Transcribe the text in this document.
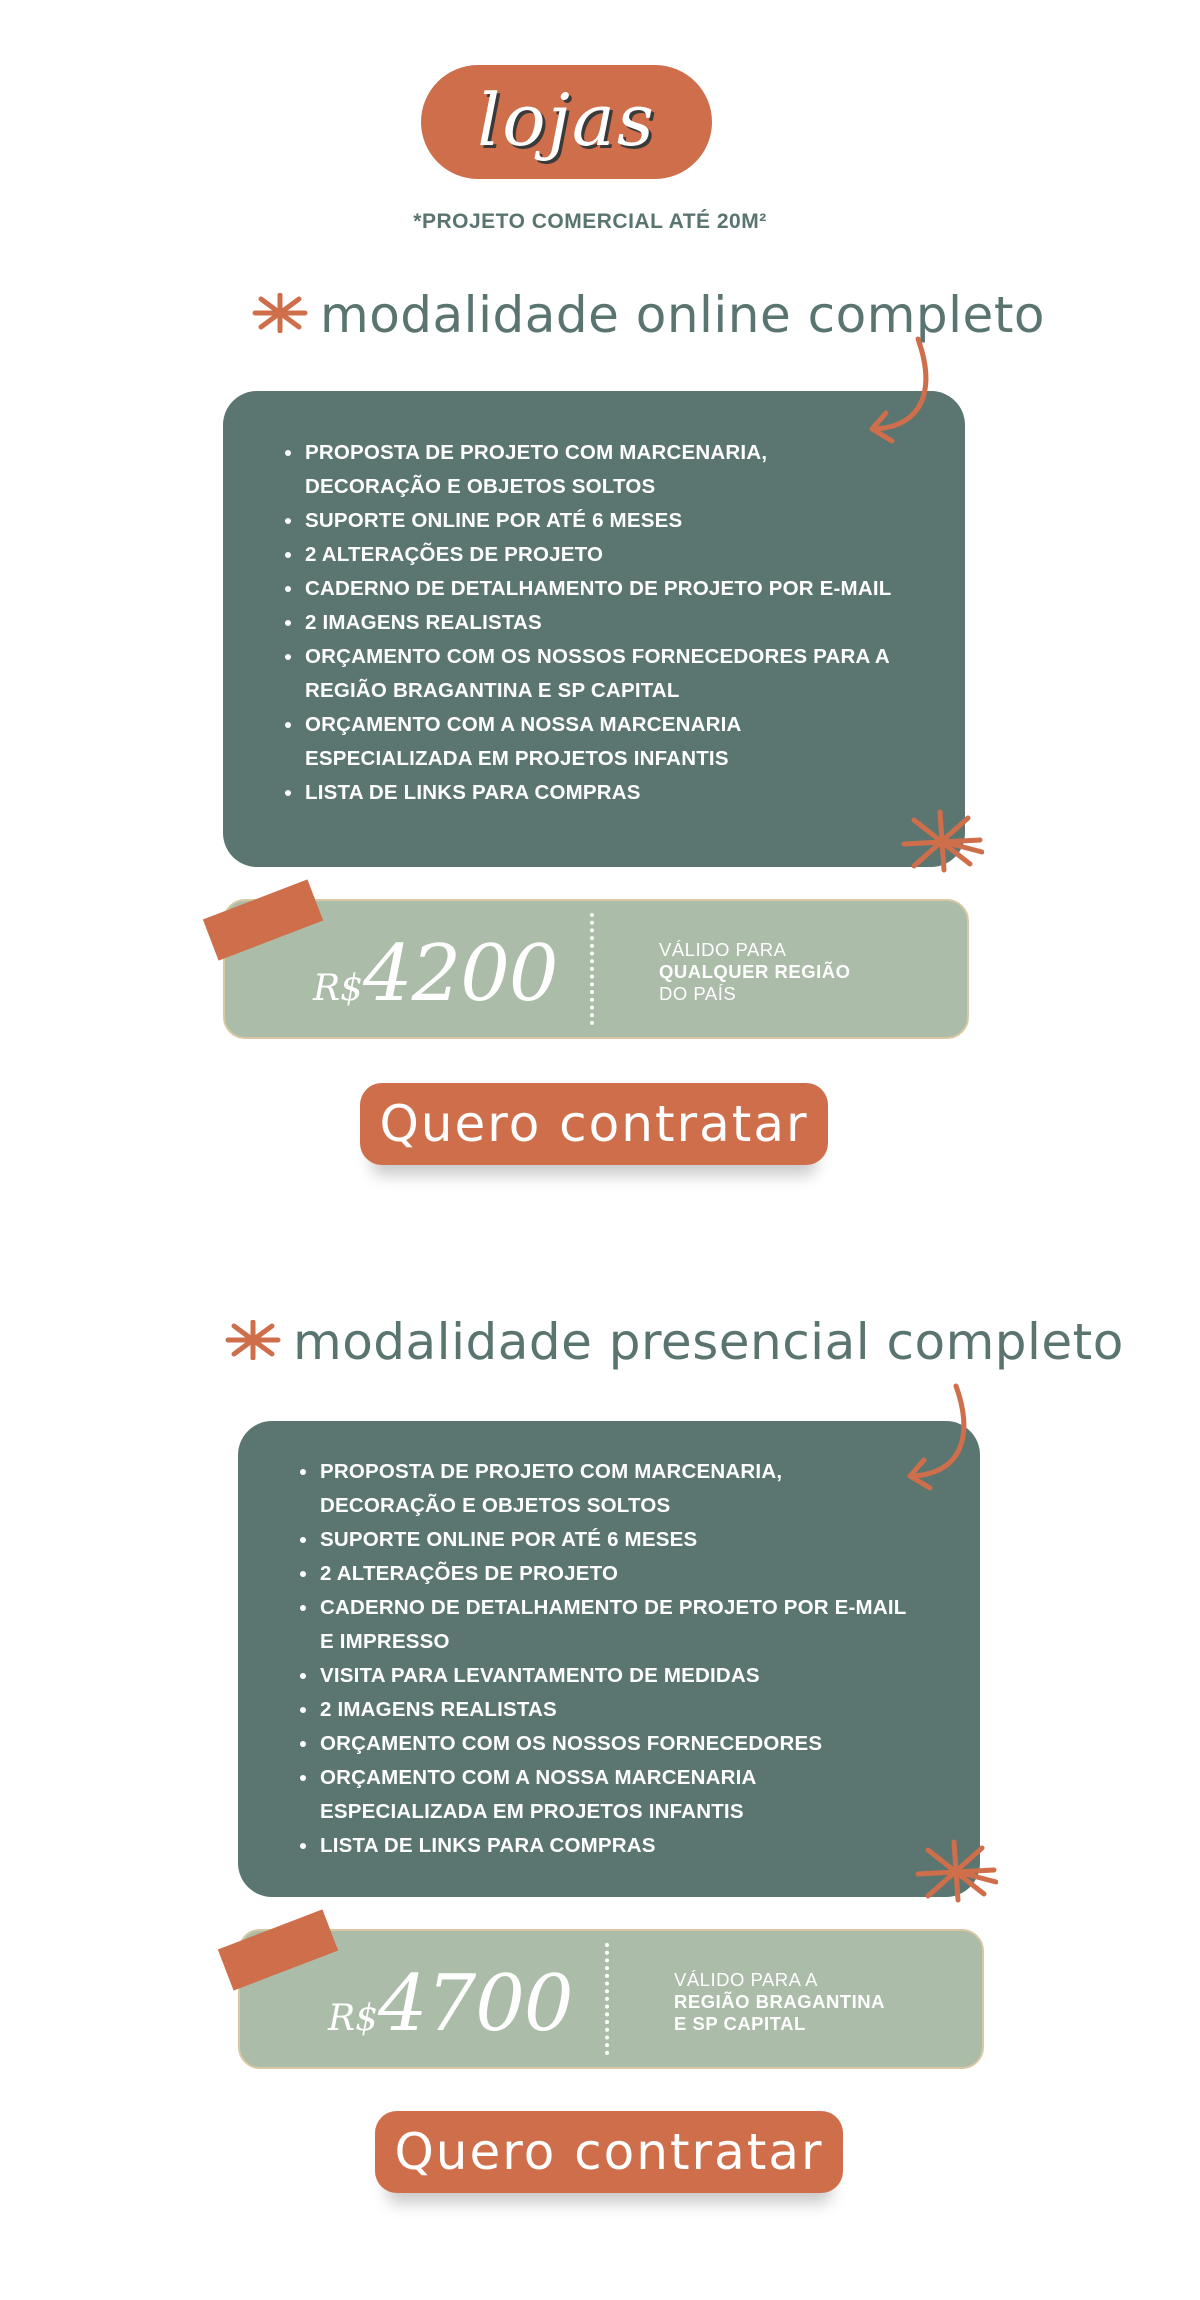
lojas
*PROJETO COMERCIAL ATÉ 20M²
modalidade online completo
PROPOSTA DE PROJETO COM MARCENARIA,
DECORAÇÃO E OBJETOS SOLTOS
SUPORTE ONLINE POR ATÉ 6 MESES
2 ALTERAÇÕES DE PROJETO
CADERNO DE DETALHAMENTO DE PROJETO POR E-MAIL
2 IMAGENS REALISTAS
ORÇAMENTO COM OS NOSSOS FORNECEDORES PARA A
REGIÃO BRAGANTINA E SP CAPITAL
ORÇAMENTO COM A NOSSA MARCENARIA
ESPECIALIZADA EM PROJETOS INFANTIS
LISTA DE LINKS PARA COMPRAS
R$ 4200	VÁLIDO PARA
QUALQUER REGIÃO
DO PAÍS
Quero contratar
modalidade presencial completo
PROPOSTA DE PROJETO COM MARCENARIA,
DECORAÇÃO E OBJETOS SOLTOS
SUPORTE ONLINE POR ATÉ 6 MESES
2 ALTERAÇÕES DE PROJETO
CADERNO DE DETALHAMENTO DE PROJETO POR E-MAIL
E IMPRESSO
VISITA PARA LEVANTAMENTO DE MEDIDAS
2 IMAGENS REALISTAS
ORÇAMENTO COM OS NOSSOS FORNECEDORES
ORÇAMENTO COM A NOSSA MARCENARIA
ESPECIALIZADA EM PROJETOS INFANTIS
LISTA DE LINKS PARA COMPRAS
R$ 4700	VÁLIDO PARA A
REGIÃO BRAGANTINA
E SP CAPITAL
Quero contratar
